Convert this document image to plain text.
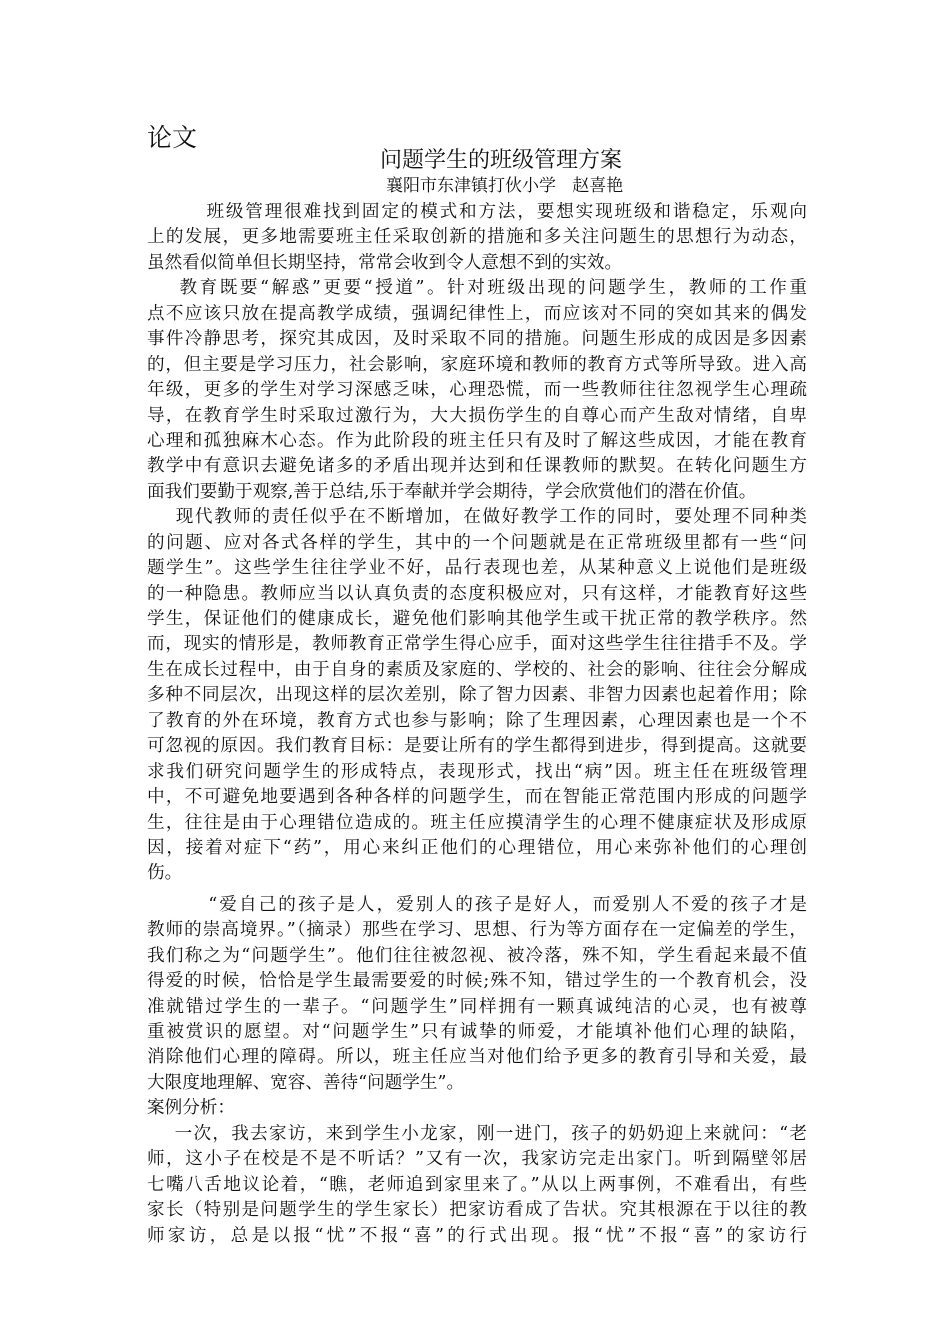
论文
问题学生的班级管理方案
襄阳市东津镇打伙小学   赵喜艳
班级管理很难找到固定的模式和方法，要想实现班级和谐稳定，乐观向
上的发展，更多地需要班主任采取创新的措施和多关注问题生的思想行为动态，
虽然看似简单但长期坚持，常常会收到令人意想不到的实效。
教育既要“解惑”更要“授道”。针对班级出现的问题学生，教师的工作重
点不应该只放在提高教学成绩，强调纪律性上，而应该对不同的突如其来的偶发
事件冷静思考，探究其成因，及时采取不同的措施。问题生形成的成因是多因素
的，但主要是学习压力，社会影响，家庭环境和教师的教育方式等所导致。进入高
年级，更多的学生对学习深感乏味，心理恐慌，而一些教师往往忽视学生心理疏
导，在教育学生时采取过激行为，大大损伤学生的自尊心而产生敌对情绪，自卑
心理和孤独麻木心态。作为此阶段的班主任只有及时了解这些成因，才能在教育
教学中有意识去避免诸多的矛盾出现并达到和任课教师的默契。在转化问题生方
面我们要勤于观察,善于总结,乐于奉献并学会期待，学会欣赏他们的潜在价值。
现代教师的责任似乎在不断增加，在做好教学工作的同时，要处理不同种类
的问题、应对各式各样的学生，其中的一个问题就是在正常班级里都有一些“问
题学生”。这些学生往往学业不好，品行表现也差，从某种意义上说他们是班级
的一种隐患。教师应当以认真负责的态度积极应对，只有这样，才能教育好这些
学生，保证他们的健康成长，避免他们影响其他学生或干扰正常的教学秩序。然
而，现实的情形是，教师教育正常学生得心应手，面对这些学生往往措手不及。学
生在成长过程中，由于自身的素质及家庭的、学校的、社会的影响、往往会分解成
多种不同层次，出现这样的层次差别，除了智力因素、非智力因素也起着作用；除
了教育的外在环境，教育方式也参与影响；除了生理因素，心理因素也是一个不
可忽视的原因。我们教育目标：是要让所有的学生都得到进步，得到提高。这就要
求我们研究问题学生的形成特点，表现形式，找出“病”因。班主任在班级管理
中，不可避免地要遇到各种各样的问题学生，而在智能正常范围内形成的问题学
生，往往是由于心理错位造成的。班主任应摸清学生的心理不健康症状及形成原
因，接着对症下“药”，用心来纠正他们的心理错位，用心来弥补他们的心理创
伤。
“爱自己的孩子是人，爱别人的孩子是好人，而爱别人不爱的孩子才是
教师的崇高境界。”（摘录）那些在学习、思想、行为等方面存在一定偏差的学生，
我们称之为“问题学生”。他们往往被忽视、被冷落，殊不知，学生看起来最不值
得爱的时候，恰恰是学生最需要爱的时候;殊不知，错过学生的一个教育机会，没
准就错过学生的一辈子。“问题学生”同样拥有一颗真诚纯洁的心灵，也有被尊
重被赏识的愿望。对“问题学生”只有诚挚的师爱，才能填补他们心理的缺陷，
消除他们心理的障碍。所以，班主任应当对他们给予更多的教育引导和关爱，最
大限度地理解、宽容、善待“问题学生”。
案例分析：
一次，我去家访，来到学生小龙家，刚一进门，孩子的奶奶迎上来就问：“老
师，这小子在校是不是不听话？”又有一次，我家访完走出家门。听到隔壁邻居
七嘴八舌地议论着，“瞧，老师追到家里来了。”从以上两事例，不难看出，有些
家长（特别是问题学生的学生家长）把家访看成了告状。究其根源在于以往的教
师家访，总是以报“忧”不报“喜”的行式出现。报“忧”不报“喜”的家访行
